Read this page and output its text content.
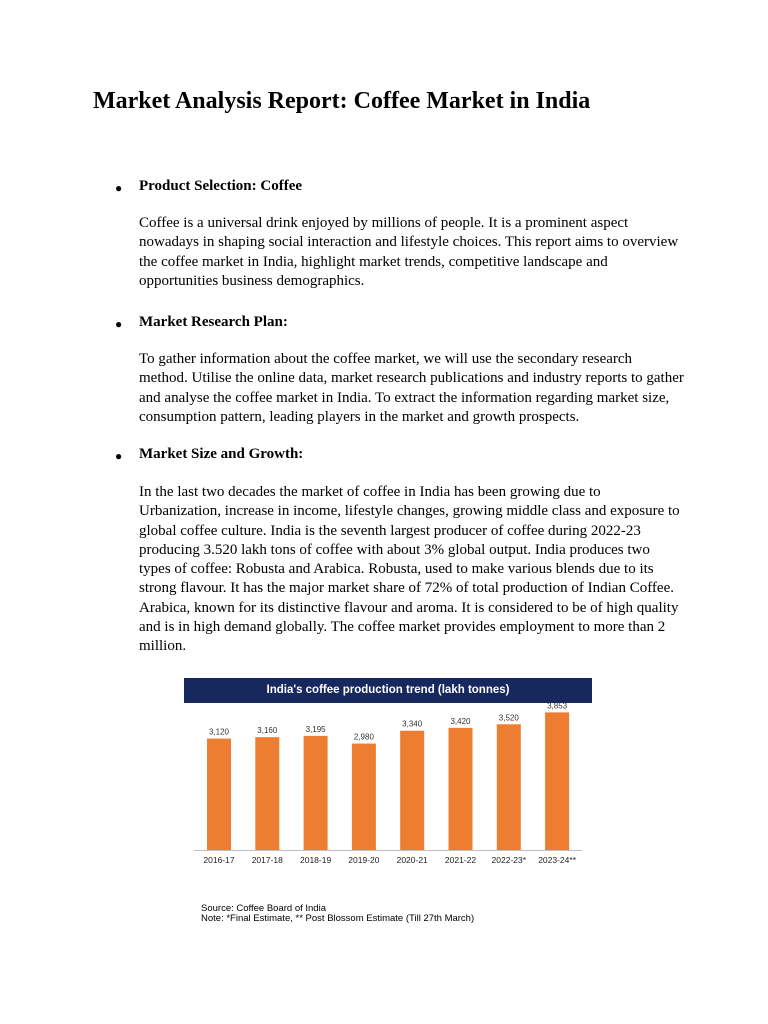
Market Analysis Report: Coffee Market in India
● Product Selection: Coffee

Coffee is a universal drink enjoyed by millions of people. It is a prominent aspect nowadays in shaping social interaction and lifestyle choices. This report aims to overview the coffee market in India, highlight market trends, competitive landscape and opportunities business demographics.

● Market Research Plan:

To gather information about the coffee market, we will use the secondary research method. Utilise the online data, market research publications and industry reports to gather and analyse the coffee market in India. To extract the information regarding market size, consumption pattern, leading players in the market and growth prospects.

● Market Size and Growth:

In the last two decades the market of coffee in India has been growing due to Urbanization, increase in income, lifestyle changes, growing middle class and exposure to global coffee culture. India is the seventh largest producer of coffee during 2022-23 producing 3.520 lakh tons of coffee with about 3% global output. India produces two types of coffee: Robusta and Arabica. Robusta, used to make various blends due to its strong flavour. It has the major market share of 72% of total production of Indian Coffee. Arabica, known for its distinctive flavour and aroma. It is considered to be of high quality and is in high demand globally. The coffee market provides employment to more than 2 million.

India's coffee production trend (lakh tonnes)
3,120
2016-17
3,160
2017-18
3,195
2018-19
2,980
2019-20
3,340
2020-21
3,420
2021-22
3,520
2022-23*
3,853
2023-24**
Source: Coffee Board of India
Note: *Final Estimate, ** Post Blossom Estimate (Till 27th March)
